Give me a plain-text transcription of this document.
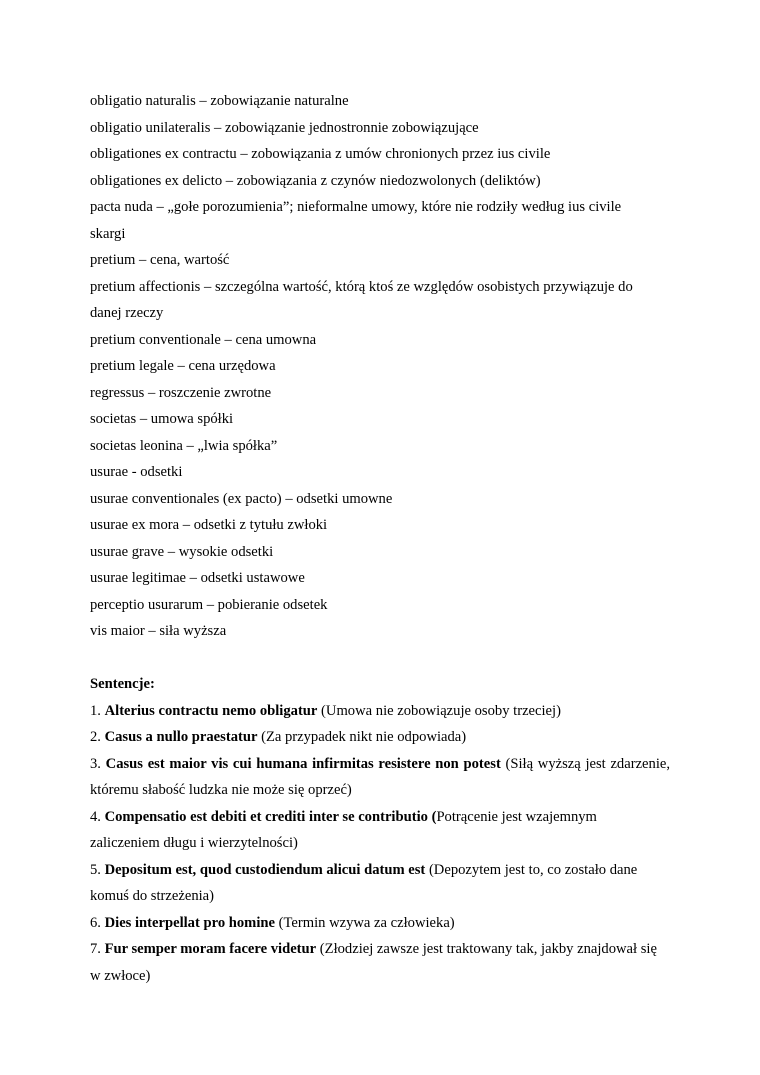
obligatio naturalis – zobowiązanie naturalne
obligatio unilateralis – zobowiązanie jednostronnie zobowiązujące
obligationes ex contractu – zobowiązania z umów chronionych przez ius civile
obligationes ex delicto – zobowiązania z czynów niedozwolonych (deliktów)
pacta nuda – „gołe porozumienia”; nieformalne umowy, które nie rodziły według ius civile
skargi
pretium – cena, wartość
pretium affectionis – szczególna wartość, którą ktoś ze względów osobistych przywiązuje do
danej rzeczy
pretium conventionale – cena umowna
pretium legale – cena urzędowa
regressus – roszczenie zwrotne
societas – umowa spółki
societas leonina – „lwia spółka”
usurae - odsetki
usurae conventionales (ex pacto) – odsetki umowne
usurae ex mora – odsetki z tytułu zwłoki
usurae grave – wysokie odsetki
usurae legitimae – odsetki ustawowe
perceptio usurarum – pobieranie odsetek
vis maior – siła wyższa
Sentencje:
1. Alterius contractu nemo obligatur (Umowa nie zobowiązuje osoby trzeciej)
2. Casus a nullo praestatur (Za przypadek nikt nie odpowiada)
3. Casus est maior vis cui humana infirmitas resistere non potest (Siłą wyższą jest zdarzenie, któremu słabość ludzka nie może się oprzeć)
4. Compensatio est debiti et crediti inter se contributio (Potrącenie jest wzajemnym zaliczeniem długu i wierzytelności)
5. Depositum est, quod custodiendum alicui datum est (Depozytem jest to, co zostało dane komuś do strzeżenia)
6. Dies interpellat pro homine (Termin wzywa za człowieka)
7. Fur semper moram facere videtur (Złodziej zawsze jest traktowany tak, jakby znajdował się w zwłoce)
